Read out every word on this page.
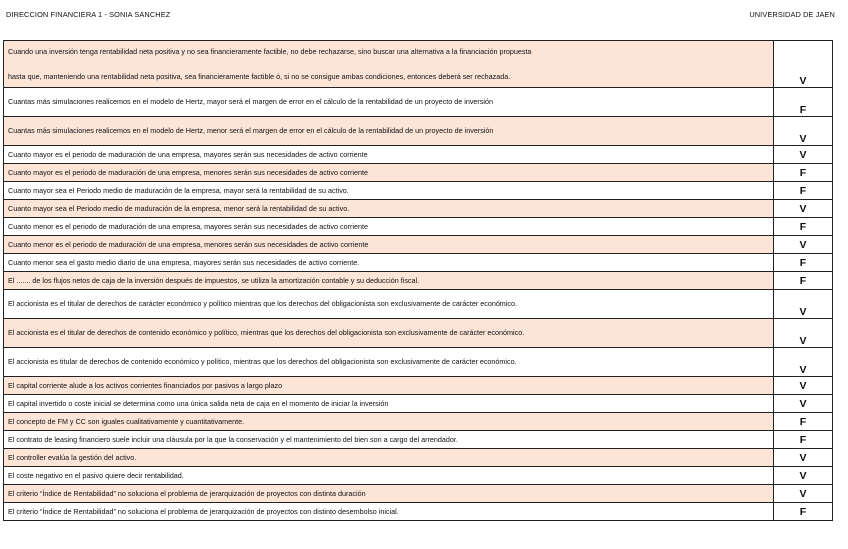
DIRECCION FINANCIERA 1 - SONIA SANCHEZ	UNIVERSIDAD DE JAEN
Cuando una inversión tenga rentabilidad neta positiva y no sea financieramente factible, no debe rechazarse, sino buscar una alternativa a la financiación propuesta
hasta que, manteniendo una rentabilidad neta positiva, sea financieramente factible ó, si no se consigue ambas condiciones, entonces deberá ser rechazada.	V
Cuantas más simulaciones realicemos en el modelo de Hertz, mayor será el margen de error en el cálculo de la rentabilidad de un proyecto de inversión	F
Cuantas más simulaciones realicemos en el modelo de Hertz, menor será el margen de error en el cálculo de la rentabilidad de un proyecto de inversión	V
Cuanto mayor es el periodo de maduración de una empresa, mayores serán sus necesidades de activo corriente	V
Cuanto mayor es el periodo de maduración de una empresa, menores serán sus necesidades de activo corriente	F
Cuanto mayor sea el Periodo medio de maduración de la empresa, mayor será la rentabilidad de su activo.	F
Cuanto mayor sea el Periodo medio de maduración de la empresa, menor será la rentabilidad de su activo.	V
Cuanto menor es el periodo de maduración de una empresa, mayores serán sus necesidades de activo corriente	F
Cuanto menor es el periodo de maduración de una empresa, menores serán sus necesidades de activo corriente	V
Cuanto menor sea el gasto medio diario de una empresa, mayores serán sus necesidades de activo corriente.	F
El ....... de los flujos netos de caja de la inversión después de impuestos, se utiliza la amortización contable y su deducción fiscal.	F
El accionista es el titular de derechos de carácter económico y político mientras que los derechos del obligacionista son exclusivamente de carácter económico.	V
El accionista es el titular de derechos de contenido económico y político, mientras que los derechos del obligacionista son exclusivamente de carácter económico.	V
El accionista es titular de derechos de contenido económico y político, mientras que los derechos del obligacionista son exclusivamente de carácter económico.	V
El capital corriente alude a los activos corrientes financiados por pasivos a largo plazo	V
El capital invertido o coste inicial se determina como una única salida neta de caja en el momento de iniciar la inversión	V
El concepto de FM y CC son iguales cualitativamente y cuantitativamente.	F
El contrato de leasing financiero suele incluir una cláusula por la que la conservación y el mantenimiento del bien son a cargo del arrendador.	F
El controller evalúa la gestión del activo.	V
El coste negativo en el pasivo quiere decir rentabilidad.	V
El criterio “Índice de Rentabilidad” no soluciona el problema de jerarquización de proyectos con distinta duración	V
El criterio “Índice de Rentabilidad” no soluciona el problema de jerarquización de proyectos con distinto desembolso inicial.	F
